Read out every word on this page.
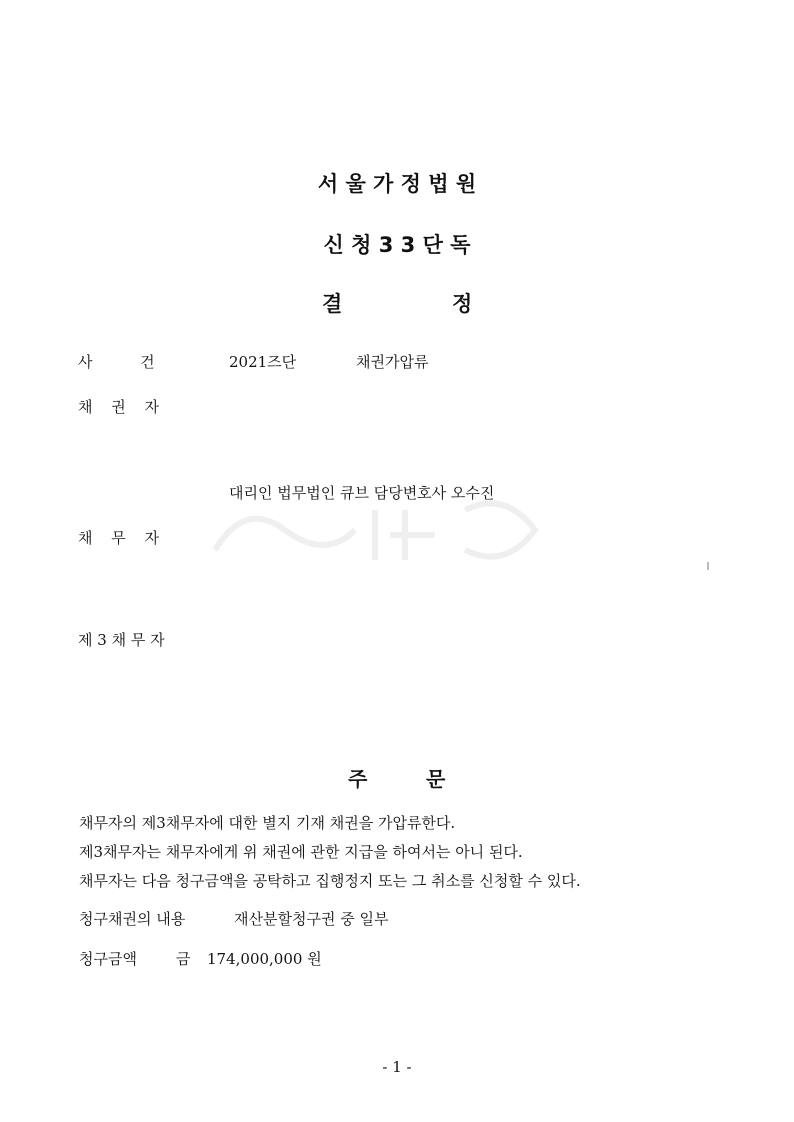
서 울 가 정 법 원
신 청 3 3 단 독
결	정
사          건	2021즈단	채권가압류
채 권 자
대리인 법무법인 큐브 담당변호사 오수진
채 무 자
제 3 채 무 자
주	문
채무자의 제3채무자에 대한 별지 기재 채권을 가압류한다.
제3채무자는 채무자에게 위 채권에 관한 지급을 하여서는 아니 된다.
채무자는 다음 청구금액을 공탁하고 집행정지 또는 그 취소를 신청할 수 있다.
청구채권의 내용	재산분할청구권 중 일부
청구금액	금 174,000,000 원
- 1 -
